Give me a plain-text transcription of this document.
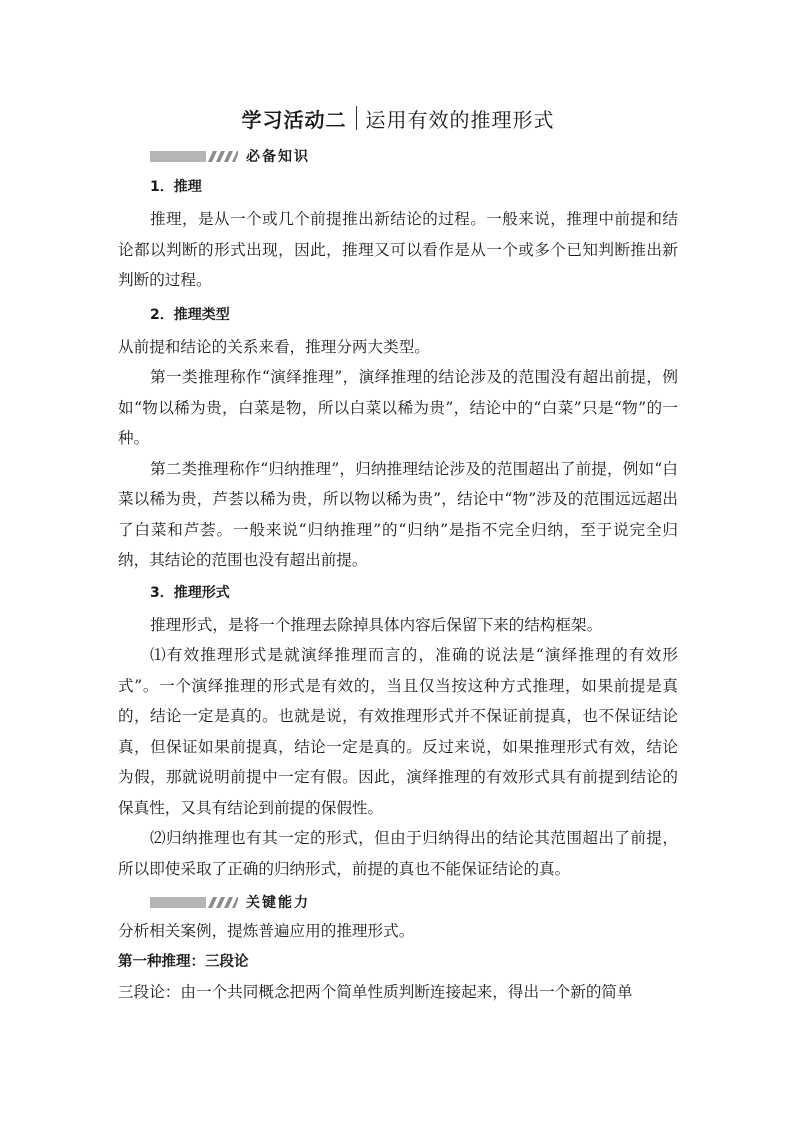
学习活动二 运用有效的推理形式
必备知识
1．推理

推理，是从一个或几个前提推出新结论的过程。一般来说，推理中前提和结论都以判断的形式出现，因此，推理又可以看作是从一个或多个已知判断推出新判断的过程。

2．推理类型

从前提和结论的关系来看，推理分两大类型。

第一类推理称作“演绎推理”，演绎推理的结论涉及的范围没有超出前提，例如“物以稀为贵，白菜是物，所以白菜以稀为贵”，结论中的“白菜”只是“物”的一种。

第二类推理称作“归纳推理”，归纳推理结论涉及的范围超出了前提，例如“白菜以稀为贵，芦荟以稀为贵，所以物以稀为贵”，结论中“物”涉及的范围远远超出了白菜和芦荟。一般来说“归纳推理”的“归纳”是指不完全归纳，至于说完全归纳，其结论的范围也没有超出前提。

3．推理形式

推理形式，是将一个推理去除掉具体内容后保留下来的结构框架。

⑴有效推理形式是就演绎推理而言的，准确的说法是“演绎推理的有效形式”。一个演绎推理的形式是有效的，当且仅当按这种方式推理，如果前提是真的，结论一定是真的。也就是说，有效推理形式并不保证前提真，也不保证结论真，但保证如果前提真，结论一定是真的。反过来说，如果推理形式有效，结论为假，那就说明前提中一定有假。因此，演绎推理的有效形式具有前提到结论的保真性，又具有结论到前提的保假性。

⑵归纳推理也有其一定的形式，但由于归纳得出的结论其范围超出了前提，所以即使采取了正确的归纳形式，前提的真也不能保证结论的真。

关键能力

分析相关案例，提炼普遍应用的推理形式。

第一种推理：三段论

三段论：由一个共同概念把两个简单性质判断连接起来，得出一个新的简单
